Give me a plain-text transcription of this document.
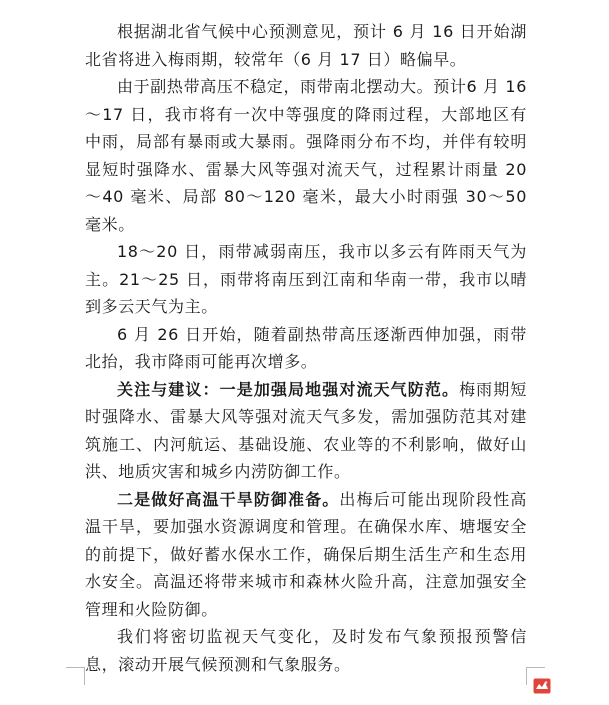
根据湖北省气候中心预测意见，预计 6 月 16 日开始湖北省将进入梅雨期，较常年（6 月 17 日）略偏早。

由于副热带高压不稳定，雨带南北摆动大。预计6 月 16～17 日，我市将有一次中等强度的降雨过程，大部地区有中雨，局部有暴雨或大暴雨。强降雨分布不均，并伴有较明显短时强降水、雷暴大风等强对流天气，过程累计雨量 20～40 毫米、局部 80～120 毫米，最大小时雨强 30～50 毫米。

18～20 日，雨带减弱南压，我市以多云有阵雨天气为主。21～25 日，雨带将南压到江南和华南一带，我市以晴到多云天气为主。

6 月 26 日开始，随着副热带高压逐渐西伸加强，雨带北抬，我市降雨可能再次增多。

关注与建议：一是加强局地强对流天气防范。梅雨期短时强降水、雷暴大风等强对流天气多发，需加强防范其对建筑施工、内河航运、基础设施、农业等的不利影响，做好山洪、地质灾害和城乡内涝防御工作。

二是做好高温干旱防御准备。出梅后可能出现阶段性高温干旱，要加强水资源调度和管理。在确保水库、塘堰安全的前提下，做好蓄水保水工作，确保后期生活生产和生态用水安全。高温还将带来城市和森林火险升高，注意加强安全管理和火险防御。

我们将密切监视天气变化，及时发布气象预报预警信息，滚动开展气候预测和气象服务。
